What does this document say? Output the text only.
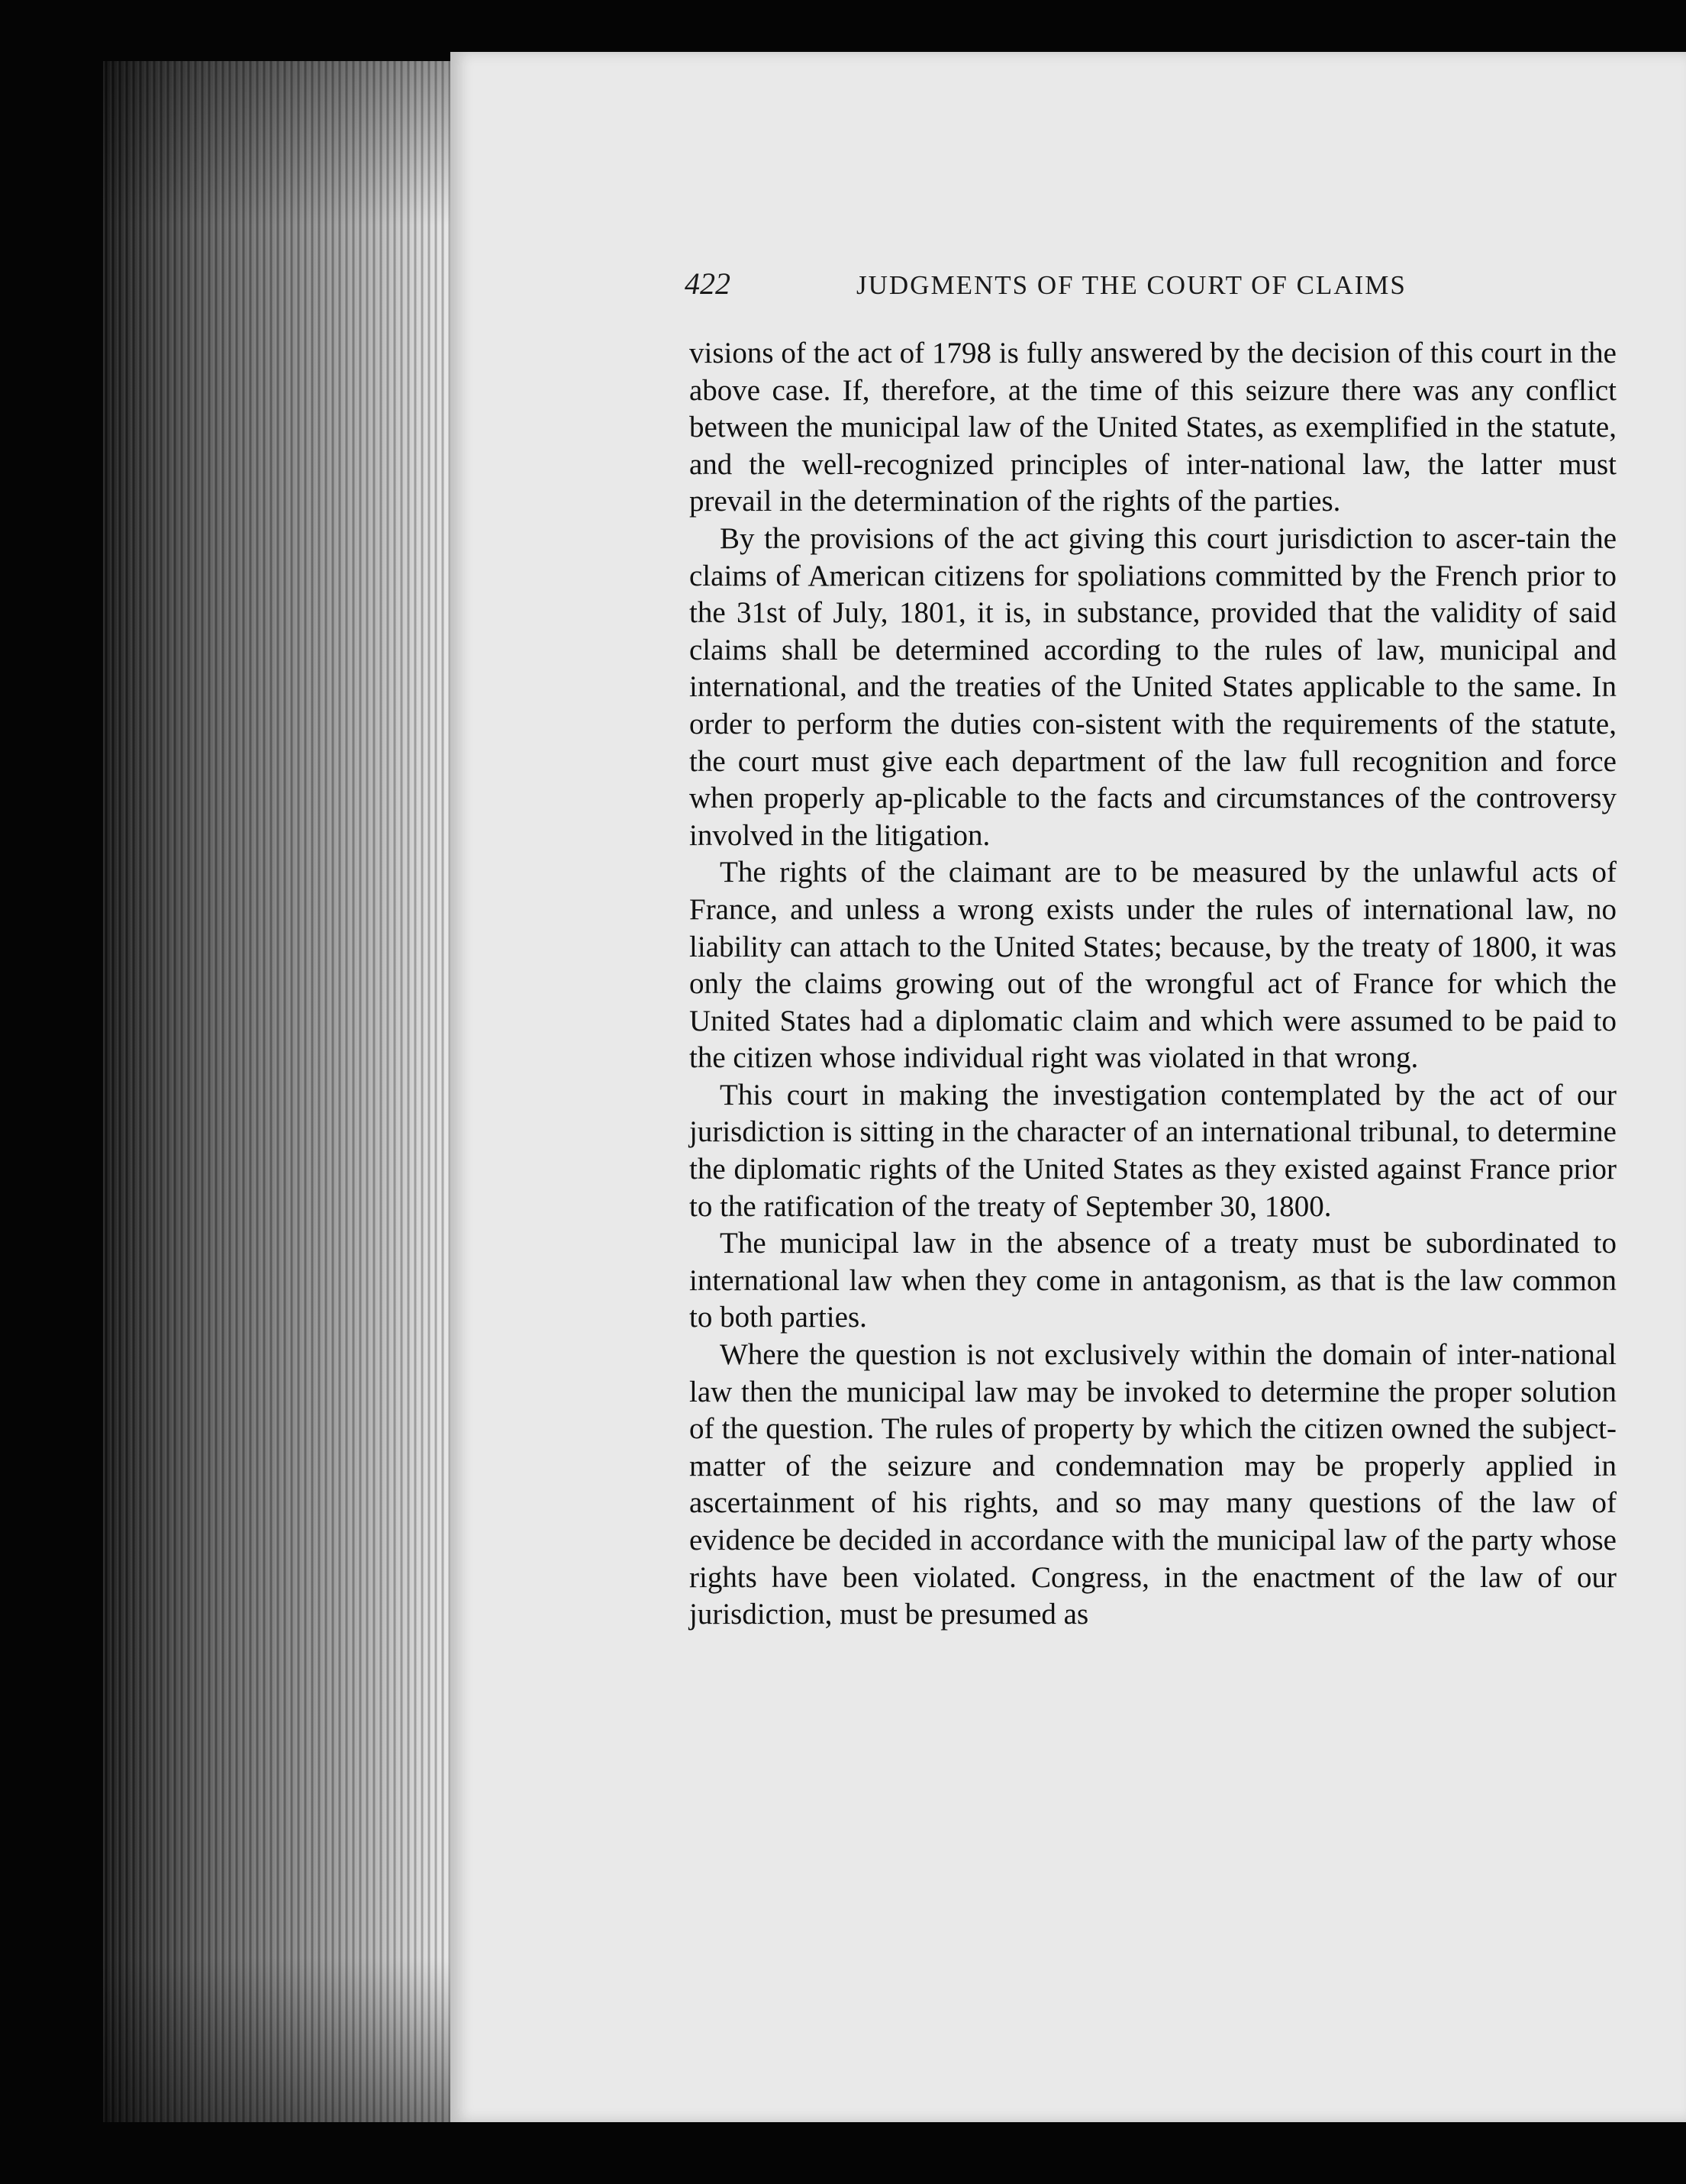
422	JUDGMENTS OF THE COURT OF CLAIMS

visions of the act of 1798 is fully answered by the decision of this court in the above case. If, therefore, at the time of this seizure there was any conflict between the municipal law of the United States, as exemplified in the statute, and the well-recognized principles of inter-national law, the latter must prevail in the determination of the rights of the parties.

By the provisions of the act giving this court jurisdiction to ascer-tain the claims of American citizens for spoliations committed by the French prior to the 31st of July, 1801, it is, in substance, provided that the validity of said claims shall be determined according to the rules of law, municipal and international, and the treaties of the United States applicable to the same. In order to perform the duties con-sistent with the requirements of the statute, the court must give each department of the law full recognition and force when properly ap-plicable to the facts and circumstances of the controversy involved in the litigation.

The rights of the claimant are to be measured by the unlawful acts of France, and unless a wrong exists under the rules of international law, no liability can attach to the United States; because, by the treaty of 1800, it was only the claims growing out of the wrongful act of France for which the United States had a diplomatic claim and which were assumed to be paid to the citizen whose individual right was violated in that wrong.

This court in making the investigation contemplated by the act of our jurisdiction is sitting in the character of an international tribunal, to determine the diplomatic rights of the United States as they existed against France prior to the ratification of the treaty of September 30, 1800.

The municipal law in the absence of a treaty must be subordinated to international law when they come in antagonism, as that is the law common to both parties.

Where the question is not exclusively within the domain of inter-national law then the municipal law may be invoked to determine the proper solution of the question. The rules of property by which the citizen owned the subject-matter of the seizure and condemnation may be properly applied in ascertainment of his rights, and so may many questions of the law of evidence be decided in accordance with the municipal law of the party whose rights have been violated. Congress, in the enactment of the law of our jurisdiction, must be presumed as
